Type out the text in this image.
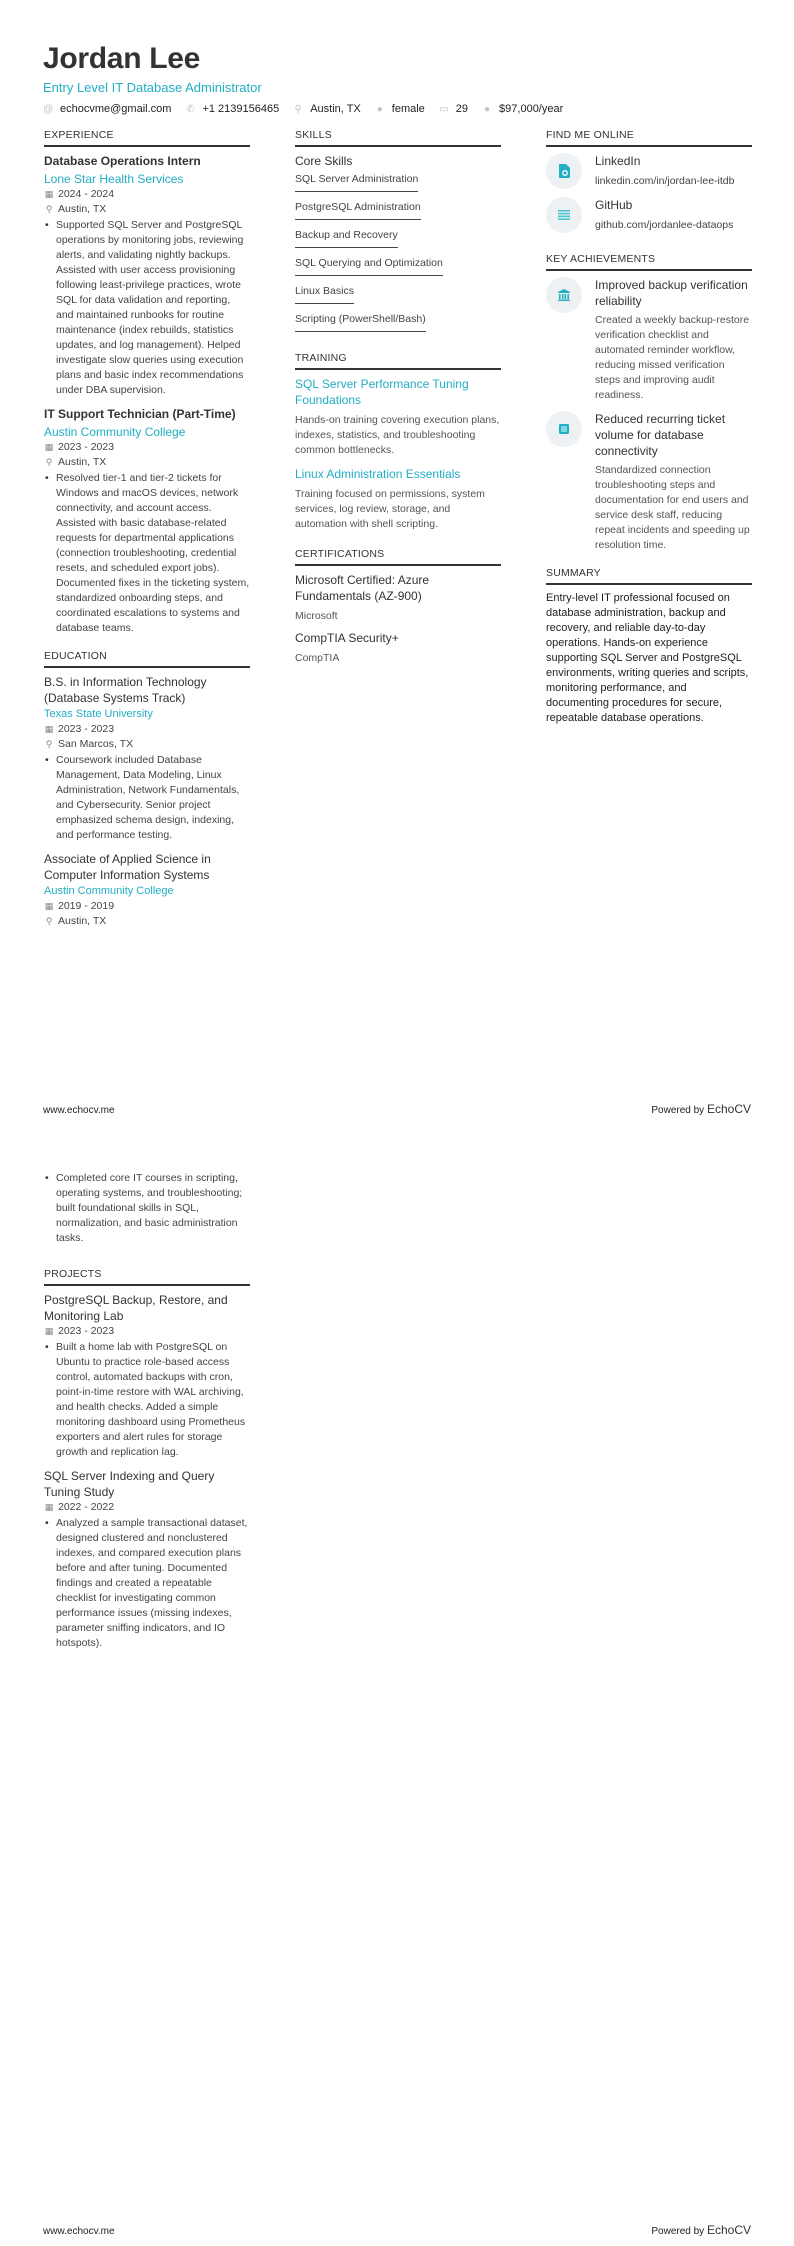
Jordan Lee
Entry Level IT Database Administrator
@ echocvme@gmail.com ✆ +1 2139156465 ⚲ Austin, TX ● female ▭ 29 ● $97,000/year
EXPERIENCE
Database Operations Intern
Lone Star Health Services
▦ 2024 - 2024
⚲ Austin, TX
• Supported SQL Server and PostgreSQL operations by monitoring jobs, reviewing alerts, and validating nightly backups. Assisted with user access provisioning following least-privilege practices, wrote SQL for data validation and reporting, and maintained runbooks for routine maintenance (index rebuilds, statistics updates, and log management). Helped investigate slow queries using execution plans and basic index recommendations under DBA supervision.
IT Support Technician (Part-Time)
Austin Community College
▦ 2023 - 2023
⚲ Austin, TX
• Resolved tier-1 and tier-2 tickets for Windows and macOS devices, network connectivity, and account access. Assisted with basic database-related requests for departmental applications (connection troubleshooting, credential resets, and scheduled export jobs). Documented fixes in the ticketing system, standardized onboarding steps, and coordinated escalations to systems and database teams.
EDUCATION
B.S. in Information Technology (Database Systems Track)
Texas State University
▦ 2023 - 2023
⚲ San Marcos, TX
• Coursework included Database Management, Data Modeling, Linux Administration, Network Fundamentals, and Cybersecurity. Senior project emphasized schema design, indexing, and performance testing.
Associate of Applied Science in Computer Information Systems
Austin Community College
▦ 2019 - 2019
⚲ Austin, TX
SKILLS
Core Skills
SQL Server Administration
PostgreSQL Administration
Backup and Recovery
SQL Querying and Optimization
Linux Basics
Scripting (PowerShell/Bash)
TRAINING
SQL Server Performance Tuning Foundations
Hands-on training covering execution plans, indexes, statistics, and troubleshooting common bottlenecks.
Linux Administration Essentials
Training focused on permissions, system services, log review, storage, and automation with shell scripting.
CERTIFICATIONS
Microsoft Certified: Azure Fundamentals (AZ-900)
Microsoft
CompTIA Security+
CompTIA
FIND ME ONLINE
LinkedIn
linkedin.com/in/jordan-lee-itdb
GitHub
github.com/jordanlee-dataops
KEY ACHIEVEMENTS
Improved backup verification reliability
Created a weekly backup-restore verification checklist and automated reminder workflow, reducing missed verification steps and improving audit readiness.
Reduced recurring ticket volume for database connectivity
Standardized connection troubleshooting steps and documentation for end users and service desk staff, reducing repeat incidents and speeding up resolution time.
SUMMARY
Entry-level IT professional focused on database administration, backup and recovery, and reliable day-to-day operations. Hands-on experience supporting SQL Server and PostgreSQL environments, writing queries and scripts, monitoring performance, and documenting procedures for secure, repeatable database operations.
www.echocv.me	Powered by EchoCV
• Completed core IT courses in scripting, operating systems, and troubleshooting; built foundational skills in SQL, normalization, and basic administration tasks.
PROJECTS
PostgreSQL Backup, Restore, and Monitoring Lab
▦ 2023 - 2023
• Built a home lab with PostgreSQL on Ubuntu to practice role-based access control, automated backups with cron, point-in-time restore with WAL archiving, and health checks. Added a simple monitoring dashboard using Prometheus exporters and alert rules for storage growth and replication lag.
SQL Server Indexing and Query Tuning Study
▦ 2022 - 2022
• Analyzed a sample transactional dataset, designed clustered and nonclustered indexes, and compared execution plans before and after tuning. Documented findings and created a repeatable checklist for investigating common performance issues (missing indexes, parameter sniffing indicators, and IO hotspots).
www.echocv.me	Powered by EchoCV
